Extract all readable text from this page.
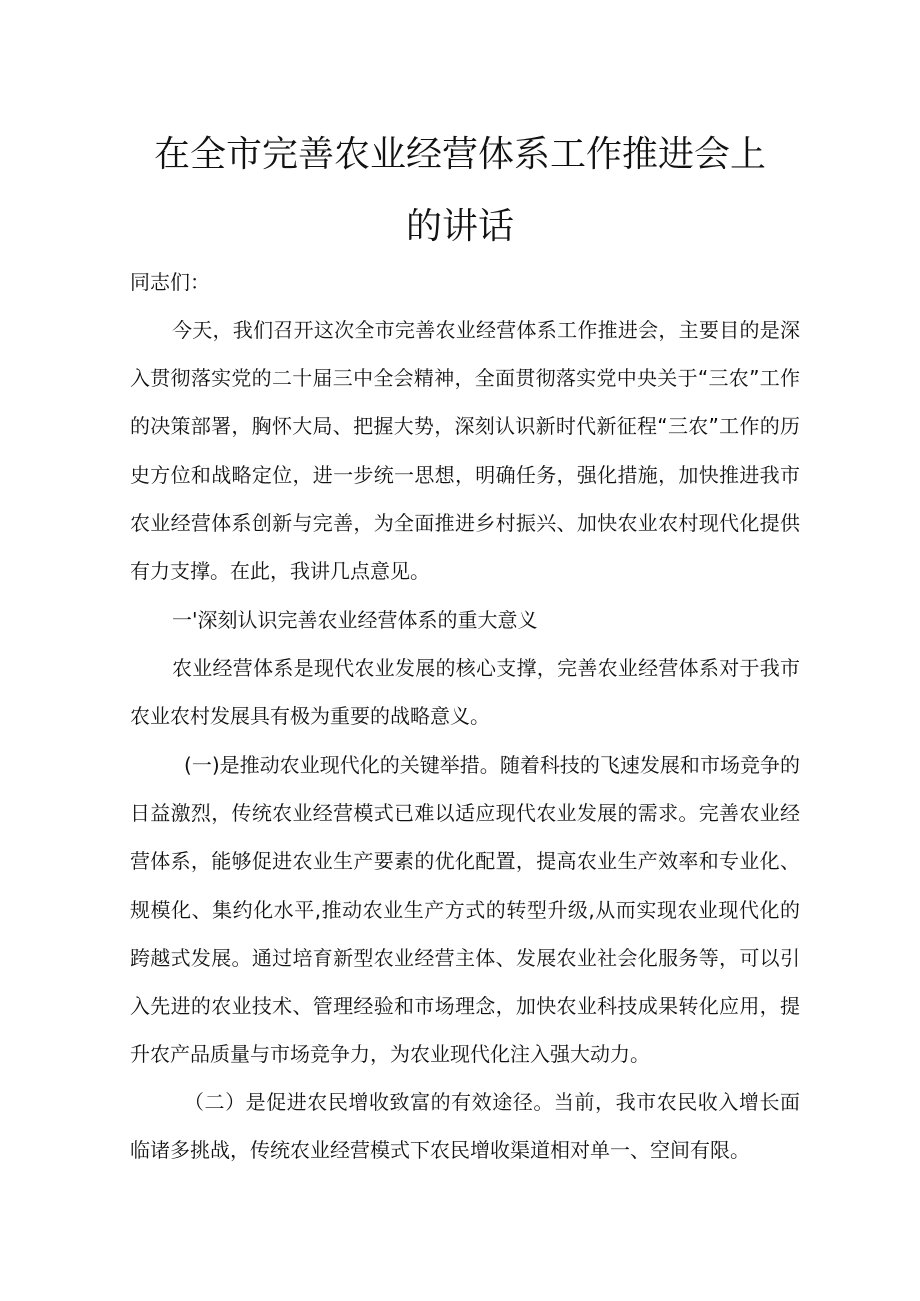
在全市完善农业经营体系工作推进会上
的讲话

同志们：

今天，我们召开这次全市完善农业经营体系工作推进会，主要目的是深入贯彻落实党的二十届三中全会精神，全面贯彻落实党中央关于“三农”工作的决策部署，胸怀大局、把握大势，深刻认识新时代新征程“三农”工作的历史方位和战略定位，进一步统一思想，明确任务，强化措施，加快推进我市农业经营体系创新与完善，为全面推进乡村振兴、加快农业农村现代化提供有力支撑。在此，我讲几点意见。

一'深刻认识完善农业经营体系的重大意义

农业经营体系是现代农业发展的核心支撑，完善农业经营体系对于我市农业农村发展具有极为重要的战略意义。

(一)是推动农业现代化的关键举措。随着科技的飞速发展和市场竞争的日益激烈，传统农业经营模式已难以适应现代农业发展的需求。完善农业经营体系，能够促进农业生产要素的优化配置，提高农业生产效率和专业化、规模化、集约化水平,推动农业生产方式的转型升级,从而实现农业现代化的跨越式发展。通过培育新型农业经营主体、发展农业社会化服务等，可以引入先进的农业技术、管理经验和市场理念，加快农业科技成果转化应用，提升农产品质量与市场竞争力，为农业现代化注入强大动力。

（二）是促进农民增收致富的有效途径。当前，我市农民收入增长面临诸多挑战，传统农业经营模式下农民增收渠道相对单一、空间有限。
